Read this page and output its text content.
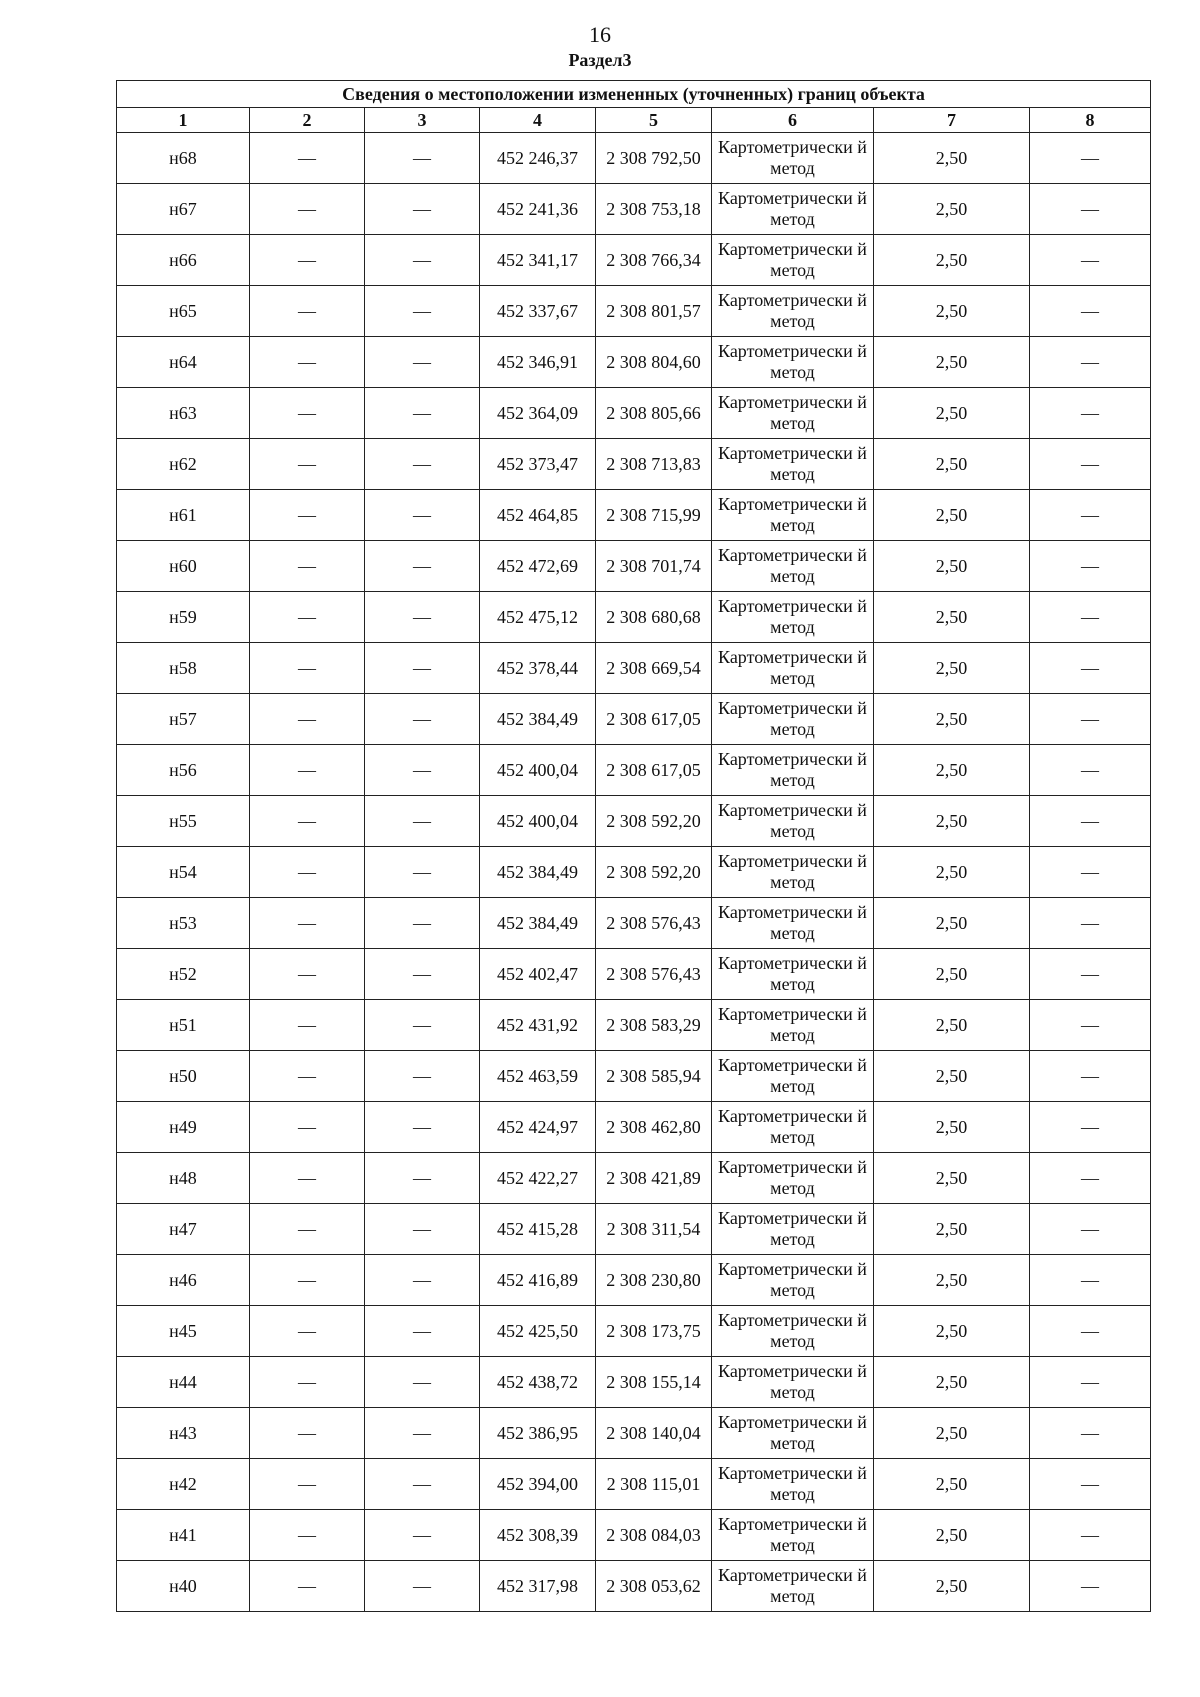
16
Раздел3
Сведения о местоположении измененных (уточненных) границ объекта							
1	2	3	4	5	6	7	8
н68	—	—	452 246,37	2 308 792,50	Картометрически й метод	2,50	—
н67	—	—	452 241,36	2 308 753,18	Картометрически й метод	2,50	—
н66	—	—	452 341,17	2 308 766,34	Картометрически й метод	2,50	—
н65	—	—	452 337,67	2 308 801,57	Картометрически й метод	2,50	—
н64	—	—	452 346,91	2 308 804,60	Картометрически й метод	2,50	—
н63	—	—	452 364,09	2 308 805,66	Картометрически й метод	2,50	—
н62	—	—	452 373,47	2 308 713,83	Картометрически й метод	2,50	—
н61	—	—	452 464,85	2 308 715,99	Картометрически й метод	2,50	—
н60	—	—	452 472,69	2 308 701,74	Картометрически й метод	2,50	—
н59	—	—	452 475,12	2 308 680,68	Картометрически й метод	2,50	—
н58	—	—	452 378,44	2 308 669,54	Картометрически й метод	2,50	—
н57	—	—	452 384,49	2 308 617,05	Картометрически й метод	2,50	—
н56	—	—	452 400,04	2 308 617,05	Картометрически й метод	2,50	—
н55	—	—	452 400,04	2 308 592,20	Картометрически й метод	2,50	—
н54	—	—	452 384,49	2 308 592,20	Картометрически й метод	2,50	—
н53	—	—	452 384,49	2 308 576,43	Картометрически й метод	2,50	—
н52	—	—	452 402,47	2 308 576,43	Картометрически й метод	2,50	—
н51	—	—	452 431,92	2 308 583,29	Картометрически й метод	2,50	—
н50	—	—	452 463,59	2 308 585,94	Картометрически й метод	2,50	—
н49	—	—	452 424,97	2 308 462,80	Картометрически й метод	2,50	—
н48	—	—	452 422,27	2 308 421,89	Картометрически й метод	2,50	—
н47	—	—	452 415,28	2 308 311,54	Картометрически й метод	2,50	—
н46	—	—	452 416,89	2 308 230,80	Картометрически й метод	2,50	—
н45	—	—	452 425,50	2 308 173,75	Картометрически й метод	2,50	—
н44	—	—	452 438,72	2 308 155,14	Картометрически й метод	2,50	—
н43	—	—	452 386,95	2 308 140,04	Картометрически й метод	2,50	—
н42	—	—	452 394,00	2 308 115,01	Картометрически й метод	2,50	—
н41	—	—	452 308,39	2 308 084,03	Картометрически й метод	2,50	—
н40	—	—	452 317,98	2 308 053,62	Картометрически й метод	2,50	—
